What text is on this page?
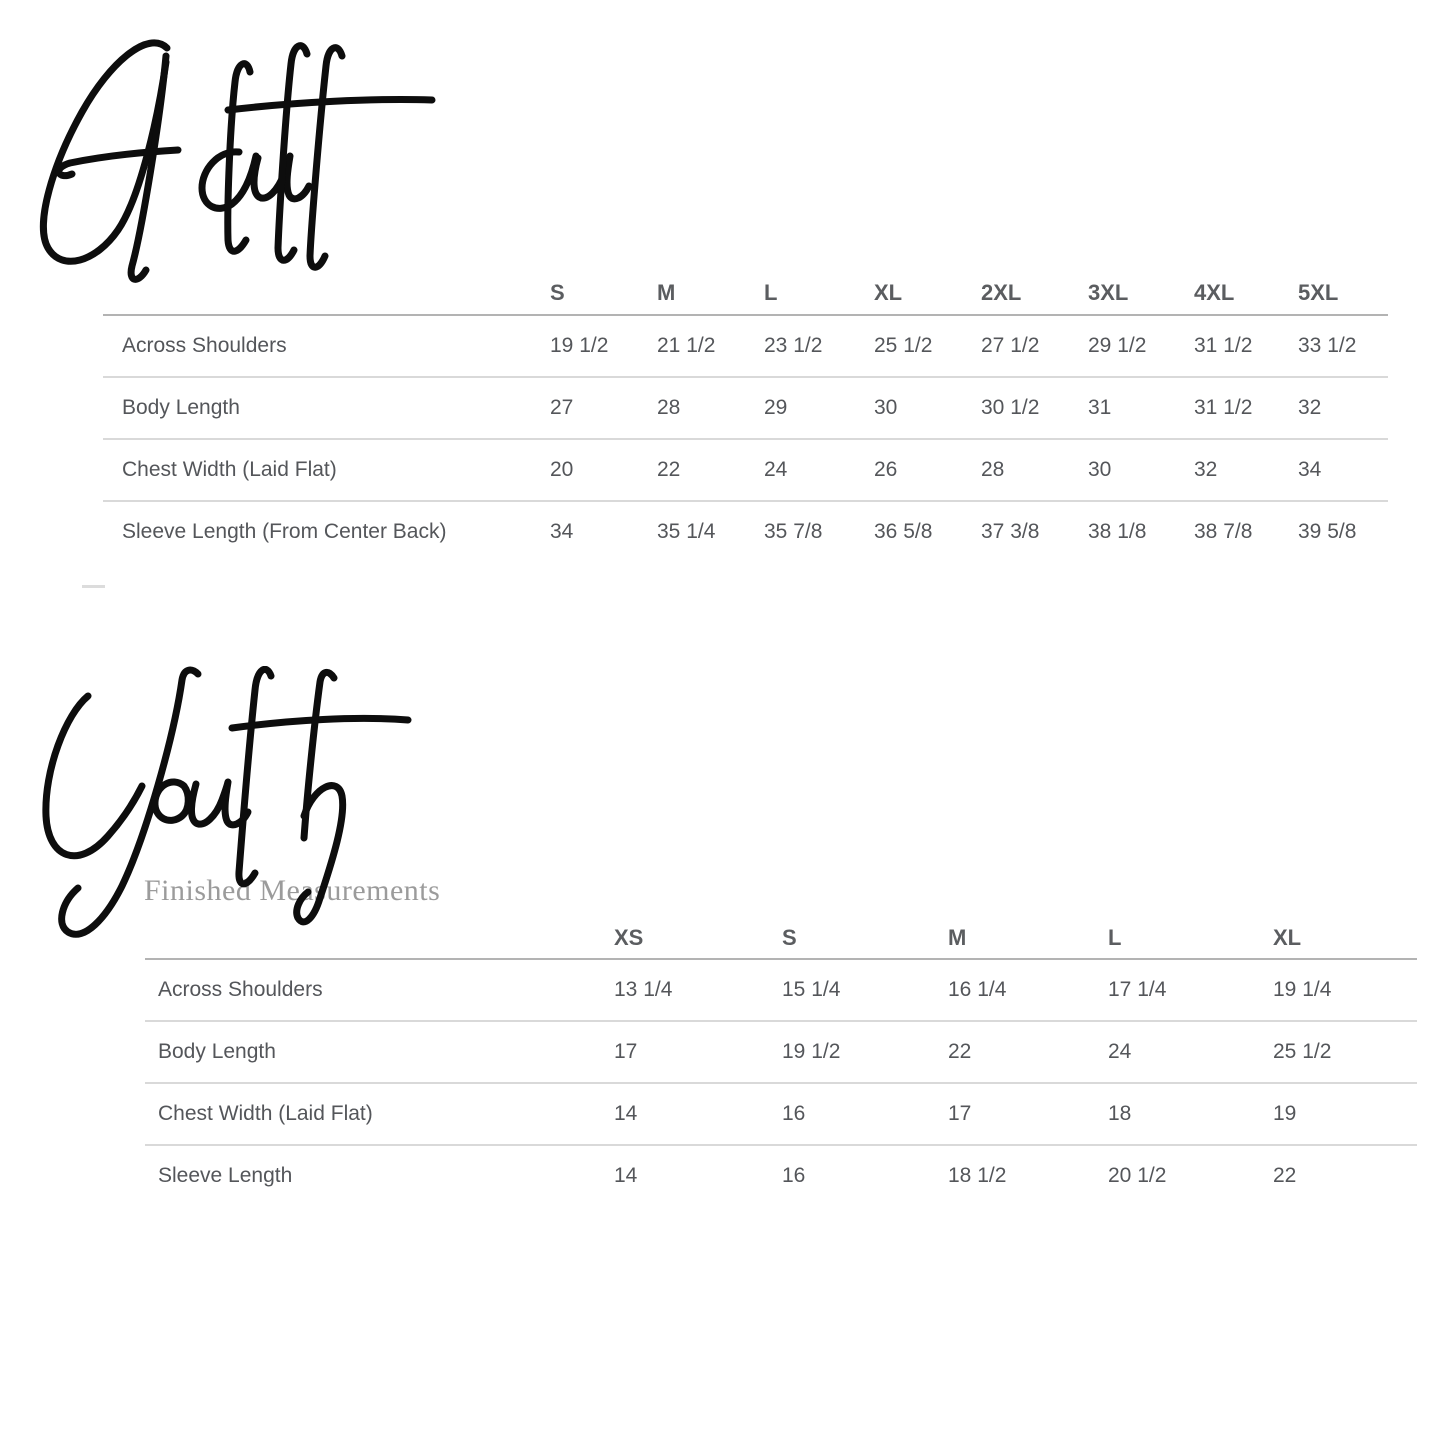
	S	M	L	XL	2XL	3XL	4XL	5XL
Across Shoulders	19 1/2	21 1/2	23 1/2	25 1/2	27 1/2	29 1/2	31 1/2	33 1/2
Body Length	27	28	29	30	30 1/2	31	31 1/2	32
Chest Width (Laid Flat)	20	22	24	26	28	30	32	34
Sleeve Length (From Center Back)	34	35 1/4	35 7/8	36 5/8	37 3/8	38 1/8	38 7/8	39 5/8
Finished Measurements
	XS	S	M	L	XL
Across Shoulders	13 1/4	15 1/4	16 1/4	17 1/4	19 1/4
Body Length	17	19 1/2	22	24	25 1/2
Chest Width (Laid Flat)	14	16	17	18	19
Sleeve Length	14	16	18 1/2	20 1/2	22
